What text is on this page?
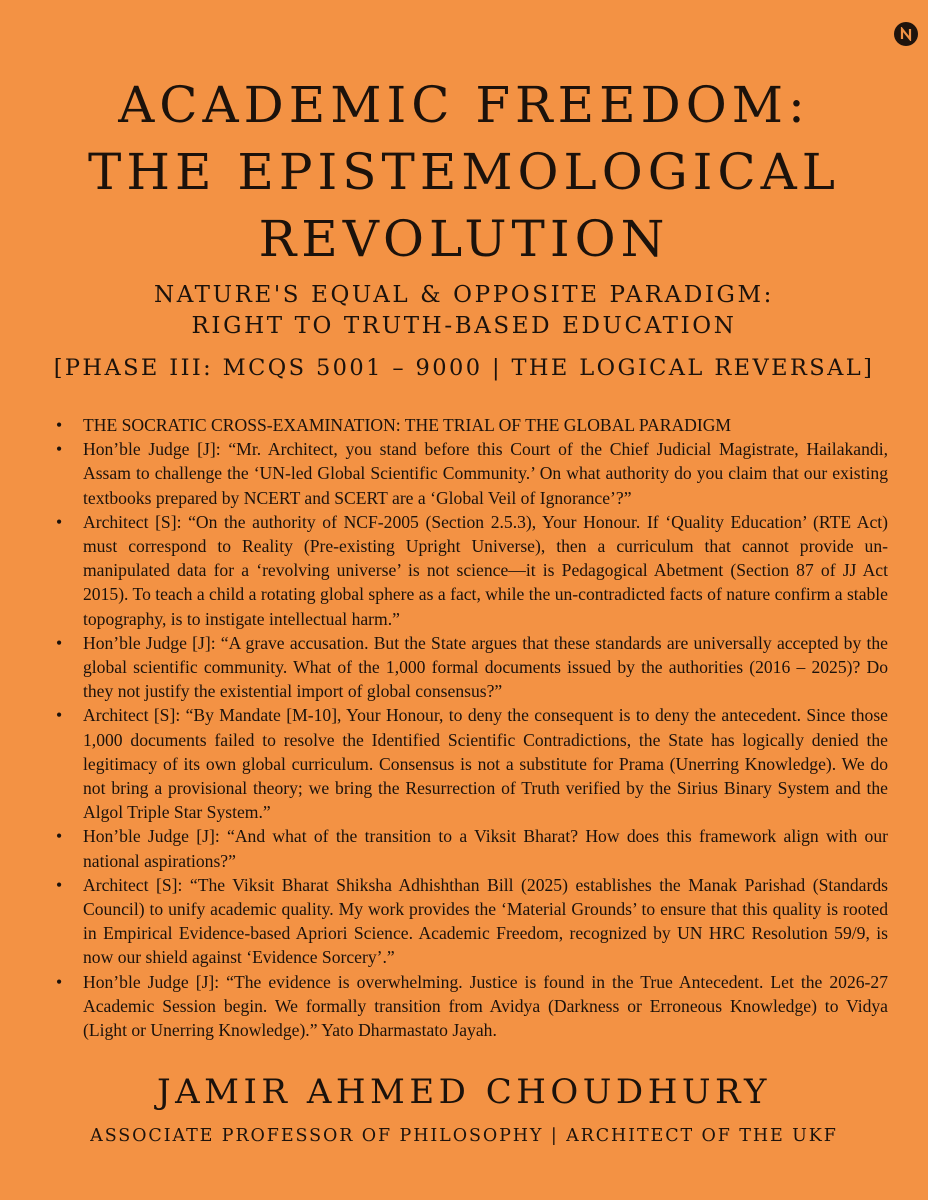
ACADEMIC FREEDOM:
THE EPISTEMOLOGICAL
REVOLUTION
NATURE'S EQUAL & OPPOSITE PARADIGM:
RIGHT TO TRUTH-BASED EDUCATION
[PHASE III: MCQS 5001 – 9000 | THE LOGICAL REVERSAL]
• THE SOCRATIC CROSS-EXAMINATION: THE TRIAL OF THE GLOBAL PARADIGM
• Hon’ble Judge [J]: “Mr. Architect, you stand before this Court of the Chief Judicial Magistrate, Hailakandi, Assam to challenge the ‘UN-led Global Scientific Community.’ On what authority do you claim that our existing textbooks prepared by NCERT and SCERT are a ‘Global Veil of Ignorance’?”
• Architect [S]: “On the authority of NCF-2005 (Section 2.5.3), Your Honour. If ‘Quality Education’ (RTE Act) must correspond to Reality (Pre-existing Upright Universe), then a curriculum that cannot provide un-manipulated data for a ‘revolving universe’ is not science—it is Pedagogical Abetment (Section 87 of JJ Act 2015). To teach a child a rotating global sphere as a fact, while the un-contradicted facts of nature confirm a stable topography, is to instigate intellectual harm.”
• Hon’ble Judge [J]: “A grave accusation. But the State argues that these standards are universally accepted by the global scientific community. What of the 1,000 formal documents issued by the authorities (2016 – 2025)? Do they not justify the existential import of global consensus?”
• Architect [S]: “By Mandate [M-10], Your Honour, to deny the consequent is to deny the antecedent. Since those 1,000 documents failed to resolve the Identified Scientific Contradictions, the State has logically denied the legitimacy of its own global curriculum. Consensus is not a substitute for Prama (Unerring Knowledge). We do not bring a provisional theory; we bring the Resurrection of Truth verified by the Sirius Binary System and the Algol Triple Star System.”
• Hon’ble Judge [J]: “And what of the transition to a Viksit Bharat? How does this framework align with our national aspirations?”
• Architect [S]: “The Viksit Bharat Shiksha Adhishthan Bill (2025) establishes the Manak Parishad (Standards Council) to unify academic quality. My work provides the ‘Material Grounds’ to ensure that this quality is rooted in Empirical Evidence-based Apriori Science. Academic Freedom, recognized by UN HRC Resolution 59/9, is now our shield against ‘Evidence Sorcery’.”
• Hon’ble Judge [J]: “The evidence is overwhelming. Justice is found in the True Antecedent. Let the 2026-27 Academic Session begin. We formally transition from Avidya (Darkness or Erroneous Knowledge) to Vidya (Light or Unerring Knowledge).” Yato Dharmastato Jayah.
JAMIR AHMED CHOUDHURY
ASSOCIATE PROFESSOR OF PHILOSOPHY | ARCHITECT OF THE UKF
